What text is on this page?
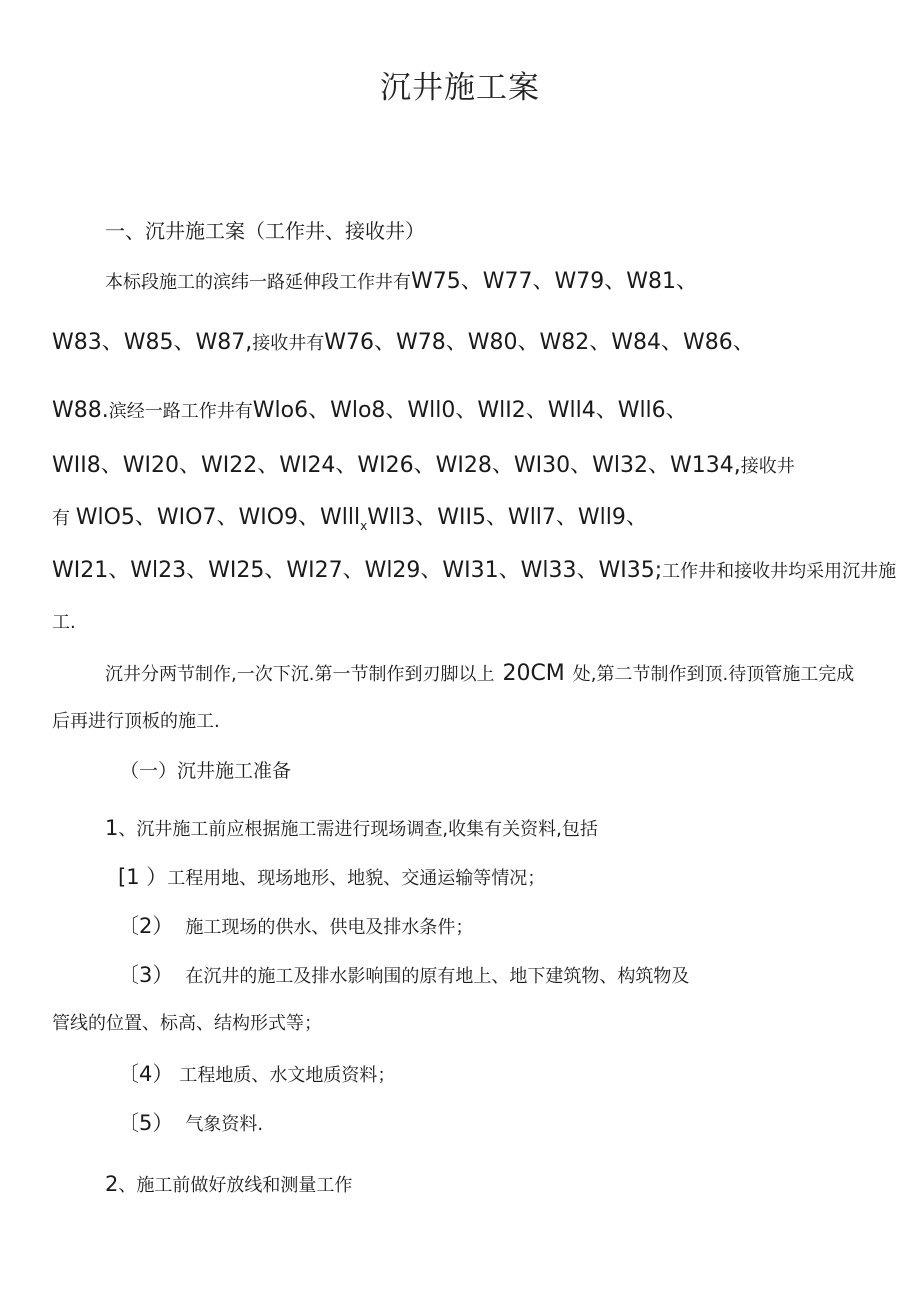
沉井施工案
一、沉井施工案（工作井、接收井）
本标段施工的滨纬一路延伸段工作井有W75、W77、W79、W81、
W83、W85、W87,接收井有W76、W78、W80、W82、W84、W86、
W88.滨经一路工作井有Wlo6、Wlo8、Wll0、WlI2、Wll4、Wll6、
WII8、WI20、WI22、WI24、WI26、WI28、WI30、Wl32、W134,接收井
有 WlO5、WIO7、WIO9、Wlll$_x$Wll3、WII5、Wll7、Wll9、
WI21、Wl23、WI25、WI27、Wl29、WI31、Wl33、WI35;工作井和接收井均采用沉井施
工.
沉井分两节制作,一次下沉.第一节制作到刃脚以上 20CM 处,第二节制作到顶.待顶管施工完成
后再进行顶板的施工.
（一）沉井施工准备
1、沉井施工前应根据施工需进行现场调查,收集有关资料,包括
[1 ）工程用地、现场地形、地貌、交通运输等情况；
〔2） 施工现场的供水、供电及排水条件；
〔3） 在沉井的施工及排水影响围的原有地上、地下建筑物、构筑物及
管线的位置、标高、结构形式等；
〔4） 工程地质、水文地质资料；
〔5） 气象资料.
2、施工前做好放线和测量工作
